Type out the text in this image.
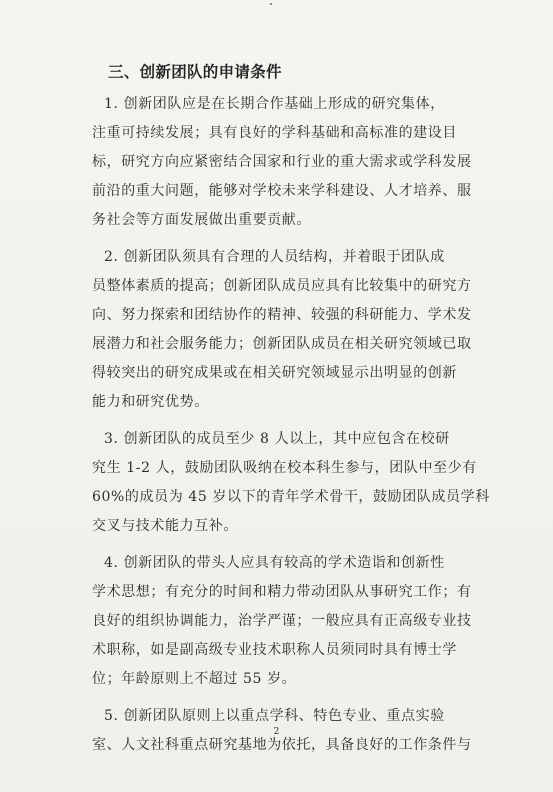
三、创新团队的申请条件
1. 创新团队应是在长期合作基础上形成的研究集体，
注重可持续发展；具有良好的学科基础和高标准的建设目
标，研究方向应紧密结合国家和行业的重大需求或学科发展
前沿的重大问题，能够对学校未来学科建设、人才培养、服
务社会等方面发展做出重要贡献。
2. 创新团队须具有合理的人员结构，并着眼于团队成
员整体素质的提高；创新团队成员应具有比较集中的研究方
向、努力探索和团结协作的精神、较强的科研能力、学术发
展潜力和社会服务能力；创新团队成员在相关研究领域已取
得较突出的研究成果或在相关研究领域显示出明显的创新
能力和研究优势。
3. 创新团队的成员至少 8 人以上，其中应包含在校研
究生 1-2 人，鼓励团队吸纳在校本科生参与，团队中至少有
60%的成员为 45 岁以下的青年学术骨干，鼓励团队成员学科
交叉与技术能力互补。
4. 创新团队的带头人应具有较高的学术造诣和创新性
学术思想；有充分的时间和精力带动团队从事研究工作；有
良好的组织协调能力，治学严谨；一般应具有正高级专业技
术职称，如是副高级专业技术职称人员须同时具有博士学
位；年龄原则上不超过 55 岁。
5. 创新团队原则上以重点学科、特色专业、重点实验
室、人文社科重点研究基地为依托，具备良好的工作条件与
2
